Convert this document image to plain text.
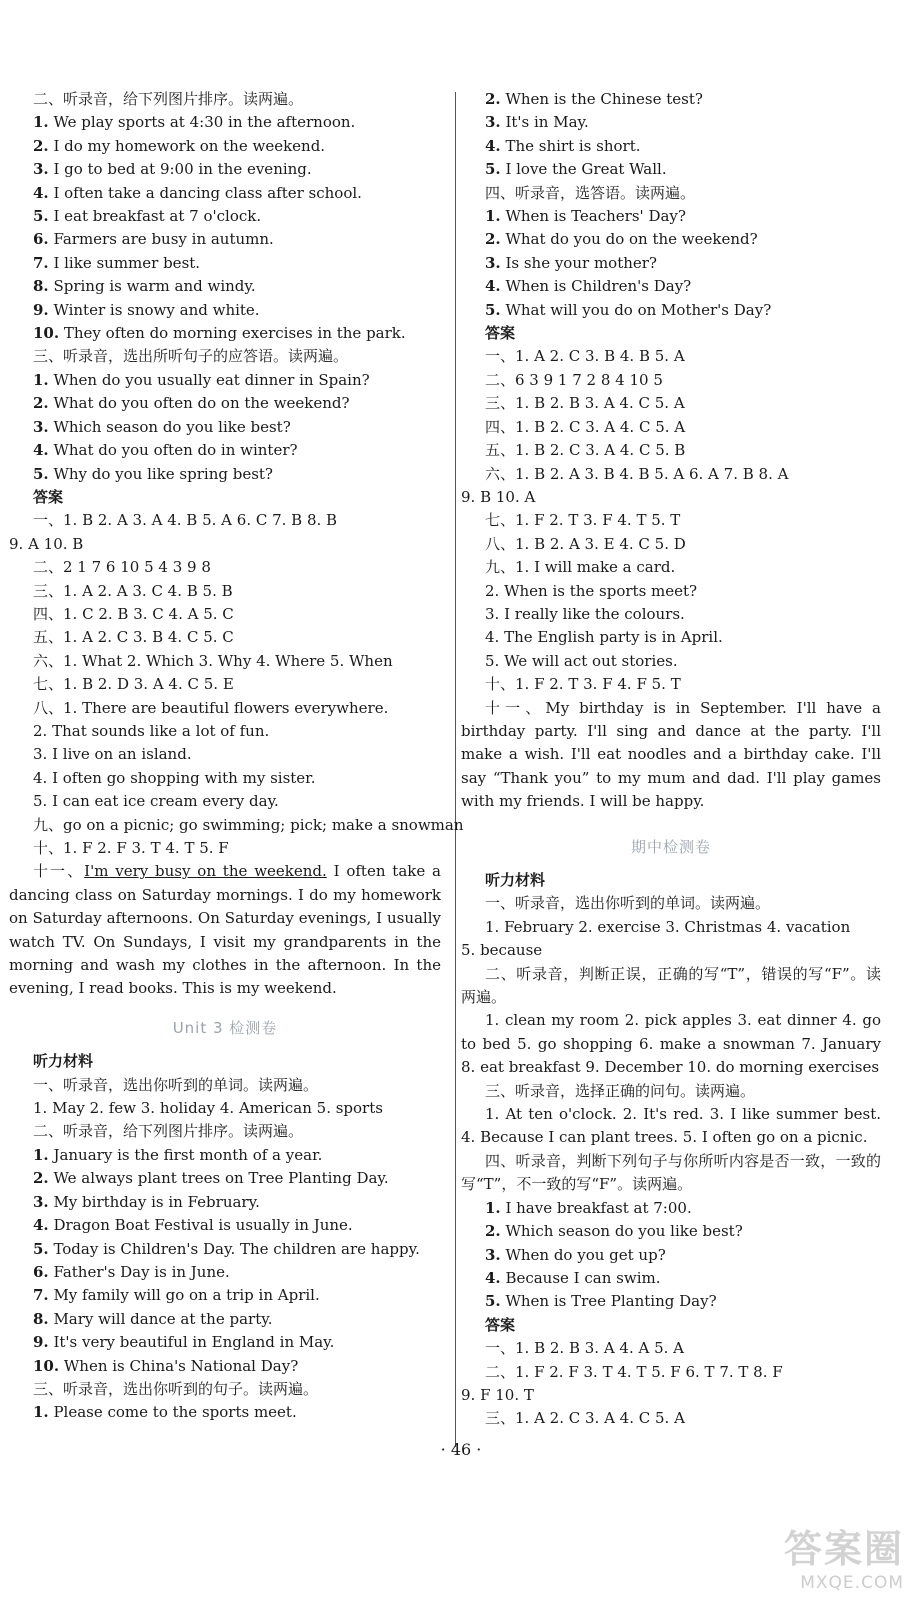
二、听录音，给下列图片排序。读两遍。
1. We play sports at 4:30 in the afternoon.
2. I do my homework on the weekend.
3. I go to bed at 9:00 in the evening.
4. I often take a dancing class after school.
5. I eat breakfast at 7 o'clock.
6. Farmers are busy in autumn.
7. I like summer best.
8. Spring is warm and windy.
9. Winter is snowy and white.
10. They often do morning exercises in the park.
三、听录音，选出所听句子的应答语。读两遍。
1. When do you usually eat dinner in Spain?
2. What do you often do on the weekend?
3. Which season do you like best?
4. What do you often do in winter?
5. Why do you like spring best?
答案
一、1. B 2. A 3. A 4. B 5. A 6. C 7. B 8. B
9. A 10. B
二、2 1 7 6 10 5 4 3 9 8
三、1. A 2. A 3. C 4. B 5. B
四、1. C 2. B 3. C 4. A 5. C
五、1. A 2. C 3. B 4. C 5. C
六、1. What 2. Which 3. Why 4. Where 5. When
七、1. B 2. D 3. A 4. C 5. E
八、1. There are beautiful flowers everywhere.
2. That sounds like a lot of fun.
3. I live on an island.
4. I often go shopping with my sister.
5. I can eat ice cream every day.
九、go on a picnic; go swimming; pick; make a snowman
十、1. F 2. F 3. T 4. T 5. F
十一、I'm very busy on the weekend. I often take a dancing class on Saturday mornings. I do my homework on Saturday afternoons. On Saturday evenings, I usually watch TV. On Sundays, I visit my grandparents in the morning and wash my clothes in the afternoon. In the evening, I read books. This is my weekend.
Unit 3 检测卷
听力材料
一、听录音，选出你听到的单词。读两遍。
1. May 2. few 3. holiday 4. American 5. sports
二、听录音，给下列图片排序。读两遍。
1. January is the first month of a year.
2. We always plant trees on Tree Planting Day.
3. My birthday is in February.
4. Dragon Boat Festival is usually in June.
5. Today is Children's Day. The children are happy.
6. Father's Day is in June.
7. My family will go on a trip in April.
8. Mary will dance at the party.
9. It's very beautiful in England in May.
10. When is China's National Day?
三、听录音，选出你听到的句子。读两遍。
1. Please come to the sports meet.
2. When is the Chinese test?
3. It's in May.
4. The shirt is short.
5. I love the Great Wall.
四、听录音，选答语。读两遍。
1. When is Teachers' Day?
2. What do you do on the weekend?
3. Is she your mother?
4. When is Children's Day?
5. What will you do on Mother's Day?
答案
一、1. A 2. C 3. B 4. B 5. A
二、6 3 9 1 7 2 8 4 10 5
三、1. B 2. B 3. A 4. C 5. A
四、1. B 2. C 3. A 4. C 5. A
五、1. B 2. C 3. A 4. C 5. B
六、1. B 2. A 3. B 4. B 5. A 6. A 7. B 8. A
9. B 10. A
七、1. F 2. T 3. F 4. T 5. T
八、1. B 2. A 3. E 4. C 5. D
九、1. I will make a card.
2. When is the sports meet?
3. I really like the colours.
4. The English party is in April.
5. We will act out stories.
十、1. F 2. T 3. F 4. F 5. T
十一、My birthday is in September. I'll have a birthday party. I'll sing and dance at the party. I'll make a wish. I'll eat noodles and a birthday cake. I'll say “Thank you” to my mum and dad. I'll play games with my friends. I will be happy.
期中检测卷
听力材料
一、听录音，选出你听到的单词。读两遍。
1. February 2. exercise 3. Christmas 4. vacation
5. because
二、听录音，判断正误，正确的写“T”，错误的写“F”。读两遍。
1. clean my room 2. pick apples 3. eat dinner 4. go to bed 5. go shopping 6. make a snowman 7. January 8. eat breakfast 9. December 10. do morning exercises
三、听录音，选择正确的问句。读两遍。
1. At ten o'clock. 2. It's red. 3. I like summer best. 4. Because I can plant trees. 5. I often go on a picnic.
四、听录音，判断下列句子与你所听内容是否一致，一致的写“T”，不一致的写“F”。读两遍。
1. I have breakfast at 7:00.
2. Which season do you like best?
3. When do you get up?
4. Because I can swim.
5. When is Tree Planting Day?
答案
一、1. B 2. B 3. A 4. A 5. A
二、1. F 2. F 3. T 4. T 5. F 6. T 7. T 8. F
9. F 10. T
三、1. A 2. C 3. A 4. C 5. A
· 46 ·
答案圈
MXQE.COM
